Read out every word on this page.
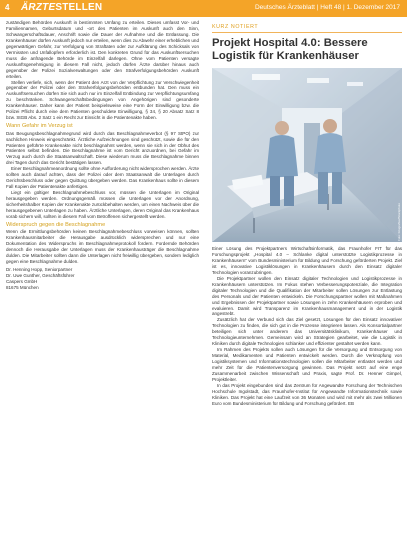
4 ÄRZTESTELLEN	Deutsches Ärzteblatt | Heft 48 | 1. Dezember 2017

zuständigen Behörden Auskunft in bestimmten Umfang zu erteilen. Dieses umfasst Vor- und Familiennamen, Geburtsdatum und -ort des Patienten im Auskunft auch den Sinn, Schwangerschaftsdauer, Anschrift sowie die Dauer der Aufnahme und die Entlassung. Die Krankenhäuser dürfen Auskunft jedoch nur erteilen, wenn dies zu Abwehr einer erheblichen und gegenwärtigen Gefahr, zur Verfolgung von Straftaten oder zur Aufklärung des Schicksals von Vermissten und Unfallopfern erforderlich ist. Den konkreten Grund für das Auskunftsersuchen muss die anfragende Behörde im Einzelfall darlegen. Ohne vom Patienten versagte Auskunftsgenehmigung in diesem Fall nicht, jedoch dürfen Ärzte darüber hinaus auch gegenüber der Polizei Sozialverwaltungen oder den Strafverfolgungsbehörden Auskunft erteilen.

Stellen verliefe, sich, wenn der Patient den Arzt von der Verpflichtung zur Verschwiegenheit gegenüber der Polizei oder den Strafverfolgungsbehörden entbunden hat. Den muss ein Auskunftsersuchen dürfen Sie sich auch nur im Einzelfall Entbindung zur Verpflichtungsumfang zu beschränken. Schwangerschaftsbedingungen von Angehörigen sind gesonderte Krankenhäuser. Daher kann der Patient beispielsweise eine Form der Einwilligung bzw. die Polizei Pflicht durch eine dem Patienten geschuldete Einwilligung, § 34, § 20 Absatz Satz 8 bzw. StGB Abs. 2 Satz 1 ein Recht zur Einsicht in die Patientenakte haben.

Wann Gefahr im Verzug ist

Das Beugungsbeschlagnahmegrund wird durch das Beschlagnahmeverbot (§ 97 StPO) zur sachlichen Hinweis eingeschränkt. Ärztliche Aufzeichnungen sind geschützt, sowie die für den Patienten geführte Krankenakte nicht beschlagnahmt werden, wenn sie sich in der Obhut des Patienten selbst befinden. Die Beschlagnahme ist vom Gericht anzuordnen, bei Gefahr im Verzug auch durch die Staatsanwaltschaft. Diese wiederum muss die Beschlagnahme binnen drei Tagen durch das Gericht bestätigen lassen.

Einer Beschlagnahmeanordnung sollte ohne Aufforderung nicht widersprochen werden. Ärzte sollten auch darauf achten, dass der Polizei oder dem Staatsanwalt die Unterlagen durch Gerichtsbeschluss oder gegen Quittung übergeben werden. Das Krankenhaus sollte in diesem Fall Kopien der Patientenakte anfertigen.

Liegt ein gültiger Beschlagnahmebeschluss vor, müssen die Unterlagen im Original herausgegeben werden. Ordnungsgemäß müssen die Unterlagen vor der Anordnung, sicherheitshalber Kopien der Krankenakte zurückbehalten werden, um einen Nachweis über die herausgegebenen Unterlagen zu haben. Ärztliche Unterlagen, deren Original das Krankenhaus vorab sichern will, sollten in diesem Fall vom Betroffenen sichergestellt werden.

Widerspruch gegen die Beschlagnahme

Wenn die Ermittlungsbehörden keinen Beschlagnahmebeschluss vorweisen können, sollten Krankenhausmitarbeiter die Herausgabe ausdrücklich widersprechen und nur eine Dokumentation des Widerspruchs im Beschlagnahmeprotokoll fordern. Fordernde Behörden dennoch die Herausgabe der Unterlagen muss der Krankenhausträger die Beschlagnahme dulden. Die Mitarbeiter sollten dann die Unterlagen nicht freiwillig übergeben, sondern lediglich gegen eine Beschlagnahme dulden.

Dr. Henning Hopp, Seniorpartner

Dr. Uwe Gunther, Geschäftsführer

Caspers GmbH

81675 München

KURZ NOTIERT
Projekt Hospital 4.0: Bessere Logistik für Krankenhäuser
Foto: fotografixx/iStockphoto

Einer Lösung des Projektpartners Wirtschaftsinformatik, das Fraunhofer FIT für das Forschungsprojekt „Hospital 4.0 – Schlanke digital unterstützte Logistikprozesse in Krankenhäusern“ vom Bundesministerium für Bildung und Forschung geförderten Projekt. Ziel ist es, innovative Logistiklösungen in Krankenhäusern durch den Einsatz digitaler Technologien voranzubringen.

Die Projektpartner wollen den Einsatz digitaler Technologien und Logistikprozesse in Krankenhäusern unterstützen. Im Fokus stehen Verbesserungspotenziale, die Integration digitaler Technologien und die Qualifikation der Mitarbeiter sollen Lösungen zur Entlastung des Personals und der Patienten entwickeln. Die Forschungspartner wollen mit Maßnahmen und Ergebnissen der Projektpartner sowie Lösungen in zehn Krankenhäusern erproben und evaluieren. Damit wird Transparenz im Krankenhausmanagement und in der Logistik angestrebt.

Zusätzlich hat der Verbund sich das Ziel gesetzt, Lösungen für den Einsatz innovativer Technologien zu finden, die sich gut in die Prozesse integrieren lassen. Als Konsortialpartner beteiligen sich unter anderem das Universitätsklinikum, Krankenhäuser und Technologieunternehmen. Gemeinsam wird an Strategien gearbeitet, wie die Logistik in Kliniken durch digitale Technologien schlanker und effizienter gestaltet werden kann.

Im Rahmen des Projekts sollen auch Lösungen für die Versorgung und Entsorgung von Material, Medikamenten und Patienten entwickelt werden. Durch die Verknüpfung von Logistiksystemen und Informationstechnologien sollen die Mitarbeiter entlastet werden und mehr Zeit für die Patientenversorgung gewinnen. Das Projekt setzt auf eine enge Zusammenarbeit zwischen Wissenschaft und Praxis, sagte Prof. Dr. Henner Gimpel, Projektleiter.

In das Projekt eingebunden sind das Zentrum für Angewandte Forschung der Technischen Hochschule Ingolstadt, das Fraunhofer-Institut für Angewandte Informationstechnik sowie Kliniken. Das Projekt hat eine Laufzeit von 36 Monaten und wird mit mehr als zwei Millionen Euro vom Bundesministerium für Bildung und Forschung gefördert. EB
